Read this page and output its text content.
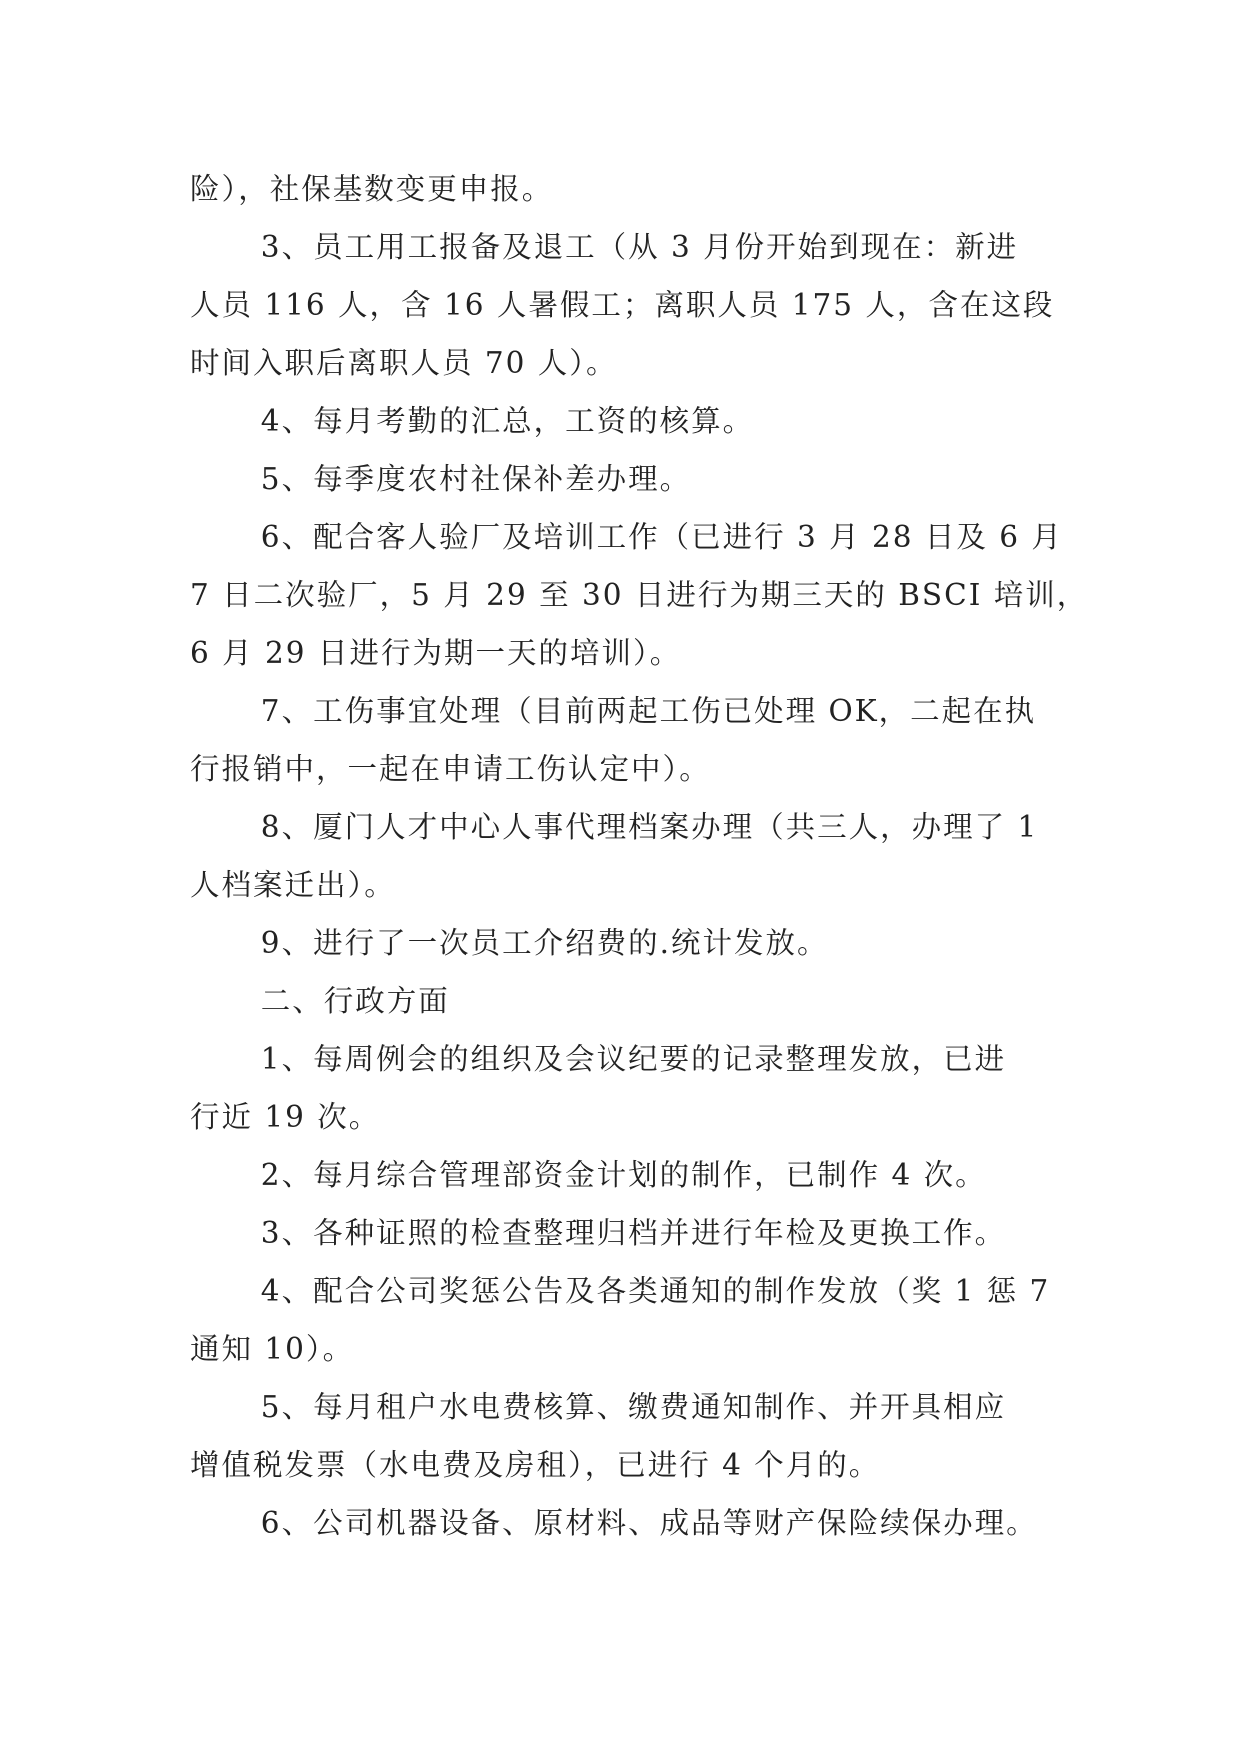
险），社保基数变更申报。

3、员工用工报备及退工（从 3 月份开始到现在：新进

人员 116 人，含 16 人暑假工；离职人员 175 人，含在这段

时间入职后离职人员 70 人）。

4、每月考勤的汇总，工资的核算。

5、每季度农村社保补差办理。

6、配合客人验厂及培训工作（已进行 3 月 28 日及 6 月

7 日二次验厂，5 月 29 至 30 日进行为期三天的 BSCI 培训，

6 月 29 日进行为期一天的培训）。

7、工伤事宜处理（目前两起工伤已处理 OK，二起在执

行报销中，一起在申请工伤认定中）。

8、厦门人才中心人事代理档案办理（共三人，办理了 1

人档案迁出）。

9、进行了一次员工介绍费的.统计发放。

二、行政方面

1、每周例会的组织及会议纪要的记录整理发放，已进

行近 19 次。

2、每月综合管理部资金计划的制作，已制作 4 次。

3、各种证照的检查整理归档并进行年检及更换工作。

4、配合公司奖惩公告及各类通知的制作发放（奖 1 惩 7

通知 10）。

5、每月租户水电费核算、缴费通知制作、并开具相应

增值税发票（水电费及房租），已进行 4 个月的。

6、公司机器设备、原材料、成品等财产保险续保办理。
